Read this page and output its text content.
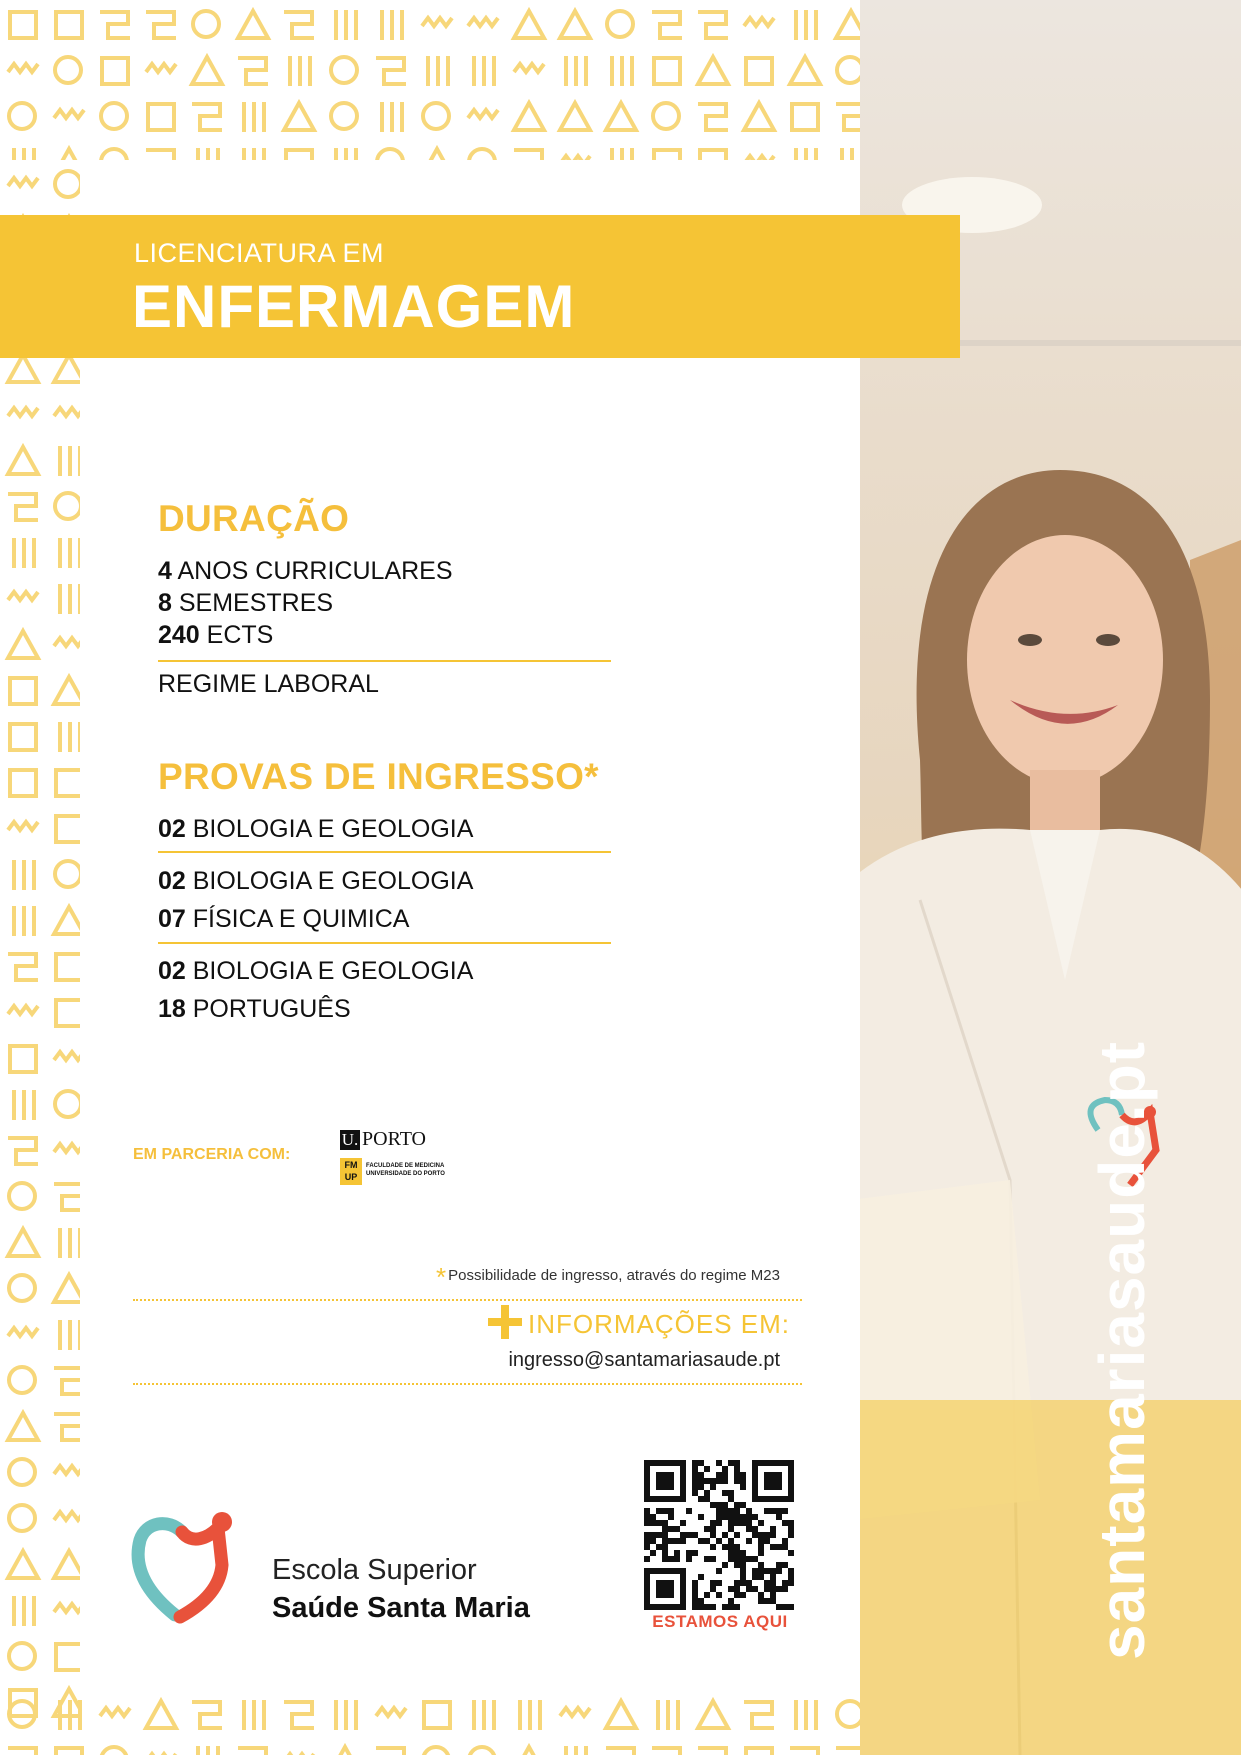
LICENCIATURA EM
ENFERMAGEM
DURAÇÃO
4 ANOS CURRICULARES
8 SEMESTRES
240 ECTS
REGIME LABORAL
PROVAS DE INGRESSO*
02 BIOLOGIA E GEOLOGIA
02 BIOLOGIA E GEOLOGIA
07 FÍSICA E QUIMICA
02 BIOLOGIA E GEOLOGIA
18 PORTUGUÊS
EM PARCERIA COM:
U. PORTO
FM UP
FACULDADE DE MEDICINA UNIVERSIDADE DO PORTO
* Possibilidade de ingresso, através do regime M23
INFORMAÇÕES EM:
ingresso@santamariasaude.pt
Escola Superior
Saúde Santa Maria	ESTAMOS AQUI	santamariasaude.pt
